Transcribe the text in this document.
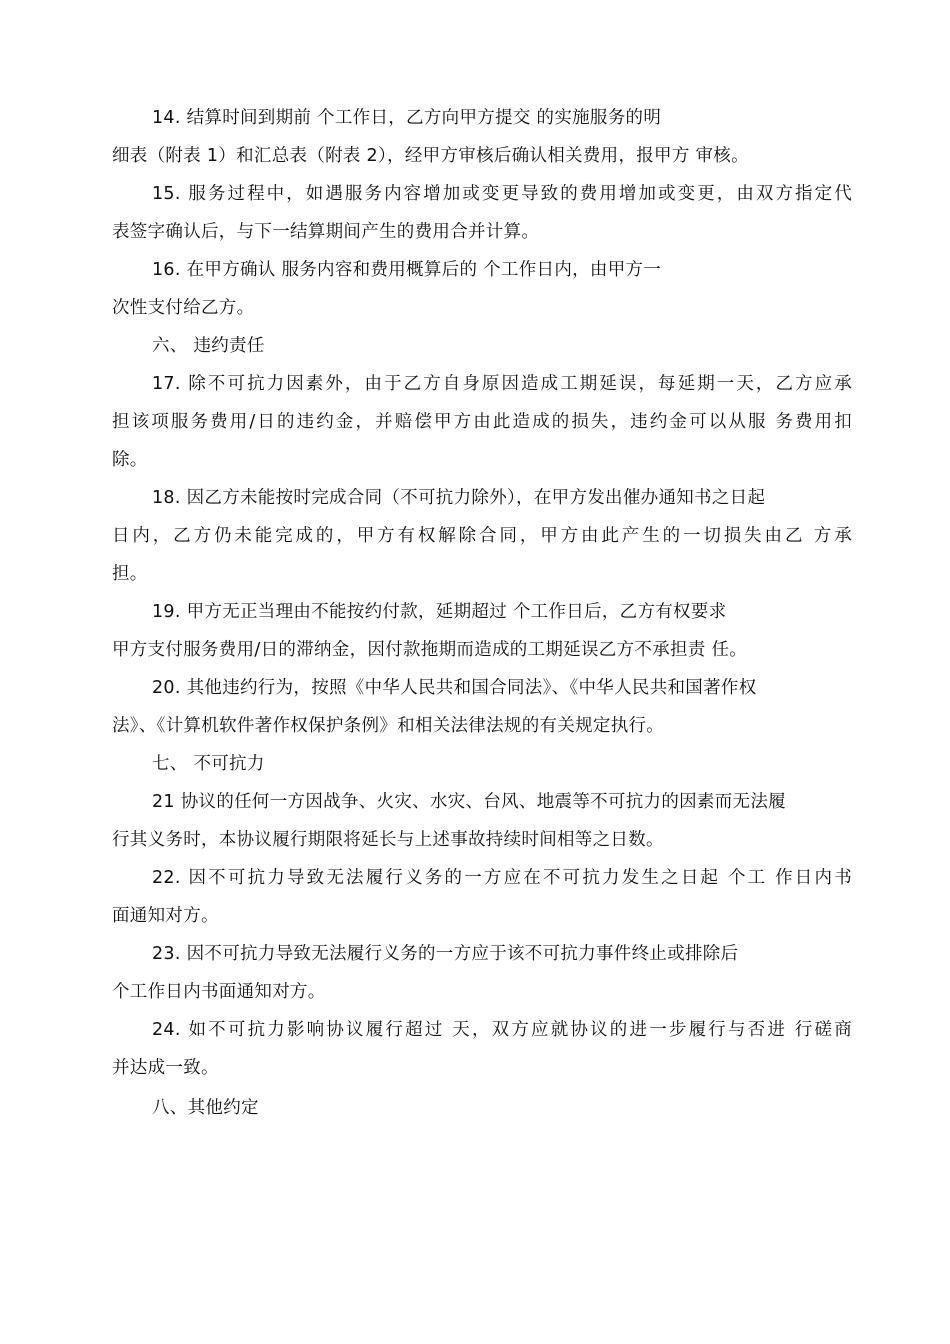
14. 结算时间到期前 个工作日，乙方向甲方提交 的实施服务的明
细表（附表 1）和汇总表（附表 2），经甲方审核后确认相关费用，报甲方 审核。
15. 服务过程中，如遇服务内容增加或变更导致的费用增加或变更，由双方指定代
表签字确认后，与下一结算期间产生的费用合并计算。
16. 在甲方确认 服务内容和费用概算后的 个工作日内，由甲方一
次性支付给乙方。
六、 违约责任
17. 除不可抗力因素外，由于乙方自身原因造成工期延误，每延期一天，乙方应承
担该项服务费用/日的违约金，并赔偿甲方由此造成的损失，违约金可以从服 务费用扣
除。
18. 因乙方未能按时完成合同（不可抗力除外），在甲方发出催办通知书之日起
日内，乙方仍未能完成的，甲方有权解除合同，甲方由此产生的一切损失由乙 方承
担。
19. 甲方无正当理由不能按约付款，延期超过 个工作日后，乙方有权要求
甲方支付服务费用/日的滞纳金，因付款拖期而造成的工期延误乙方不承担责 任。
20. 其他违约行为，按照《中华人民共和国合同法》、《中华人民共和国著作权
法》、《计算机软件著作权保护条例》和相关法律法规的有关规定执行。
七、 不可抗力
21 协议的任何一方因战争、火灾、水灾、台风、地震等不可抗力的因素而无法履
行其义务时，本协议履行期限将延长与上述事故持续时间相等之日数。
22. 因不可抗力导致无法履行义务的一方应在不可抗力发生之日起 个工 作日内书
面通知对方。
23. 因不可抗力导致无法履行义务的一方应于该不可抗力事件终止或排除后
个工作日内书面通知对方。
24. 如不可抗力影响协议履行超过 天，双方应就协议的进一步履行与否进 行磋商
并达成一致。
八、其他约定
